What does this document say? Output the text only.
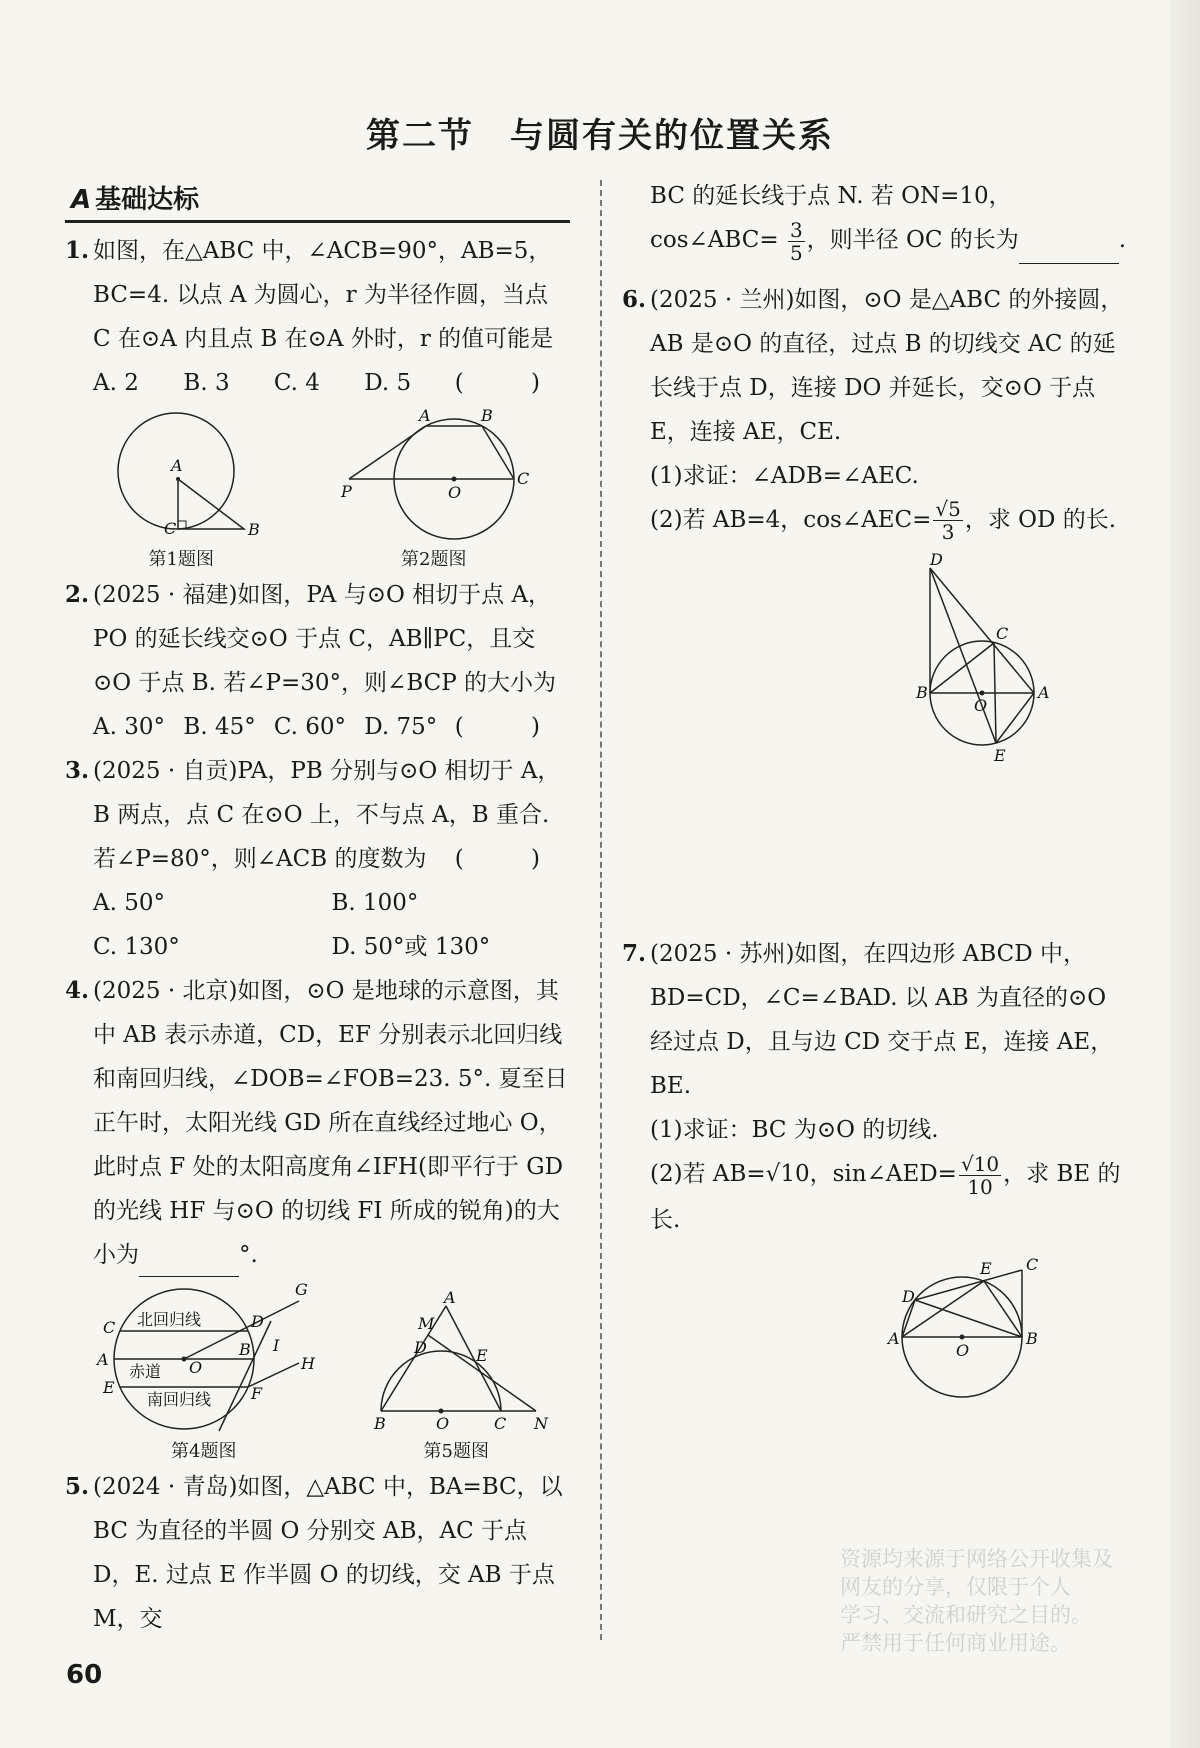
第二节 与圆有关的位置关系
A 基础达标
1. 如图，在△ABC 中，∠ACB=90°，AB=5，BC=4. 以点 A 为圆心，r 为半径作圆，当点 C 在⊙A 内且点 B 在⊙A 外时，r 的值可能是
( )
A. 2	B. 3	C. 4	D. 5
A
C	B
第1题图
A	B
C
P	O
第2题图
2. (2025 · 福建)如图，PA 与⊙O 相切于点 A，PO 的延长线交⊙O 于点 C，AB∥PC，且交⊙O 于点 B. 若∠P=30°，则∠BCP 的大小为
( )
A. 30° B. 45° C. 60° D. 75°
3. (2025 · 自贡)PA，PB 分别与⊙O 相切于 A，B 两点，点 C 在⊙O 上，不与点 A，B 重合. 若∠P=80°，则∠ACB 的度数为 ( )
A. 50°	B. 100°
C. 130°	D. 50°或 130°
4. (2025 · 北京)如图，⊙O 是地球的示意图，其中 AB 表示赤道，CD，EF 分别表示北回归线和南回归线，∠DOB=∠FOB=23. 5°. 夏至日正午时，太阳光线 GD 所在直线经过地心 O，此时点 F 处的太阳高度角∠IFH(即平行于 GD 的光线 HF 与⊙O 的切线 FI 所成的锐角)的大小为	°.
北回归线
赤道
南回归线
C
A
E
D
B
F
O
G
I
H
第4题图
A
M
D	E
B	O	C N
第5题图
5. (2024 · 青岛)如图，△ABC 中，BA=BC，以 BC 为直径的半圆 O 分别交 AB，AC 于点 D，E. 过点 E 作半圆 O 的切线，交 AB 于点 M，交
BC 的延长线于点 N. 若 ON=10，cos∠ABC= $\frac{3}{5}$ ，则半径 OC 的长为	.
6. (2025 · 兰州)如图，⊙O 是△ABC 的外接圆，AB 是⊙O 的直径，过点 B 的切线交 AC 的延长线于点 D，连接 DO 并延长，交⊙O 于点 E，连接 AE，CE.
(1)求证：∠ADB=∠AEC.
(2)若 AB=4，cos∠AEC= $\frac{√5}{3}$ ，求 OD 的长.
D
C
B	A
O
E
7. (2025 · 苏州)如图，在四边形 ABCD 中，BD=CD，∠C=∠BAD. 以 AB 为直径的⊙O 经过点 D，且与边 CD 交于点 E，连接 AE，BE.
(1)求证：BC 为⊙O 的切线.
(2)若 AB=√10，sin∠AED= $\frac{√10}{10}$ ，求 BE 的长.
E C
D
A	B
O
60
资源均来源于网络公开收集及
网友的分享，仅限于个人
学习、交流和研究之目的。
严禁用于任何商业用途。
